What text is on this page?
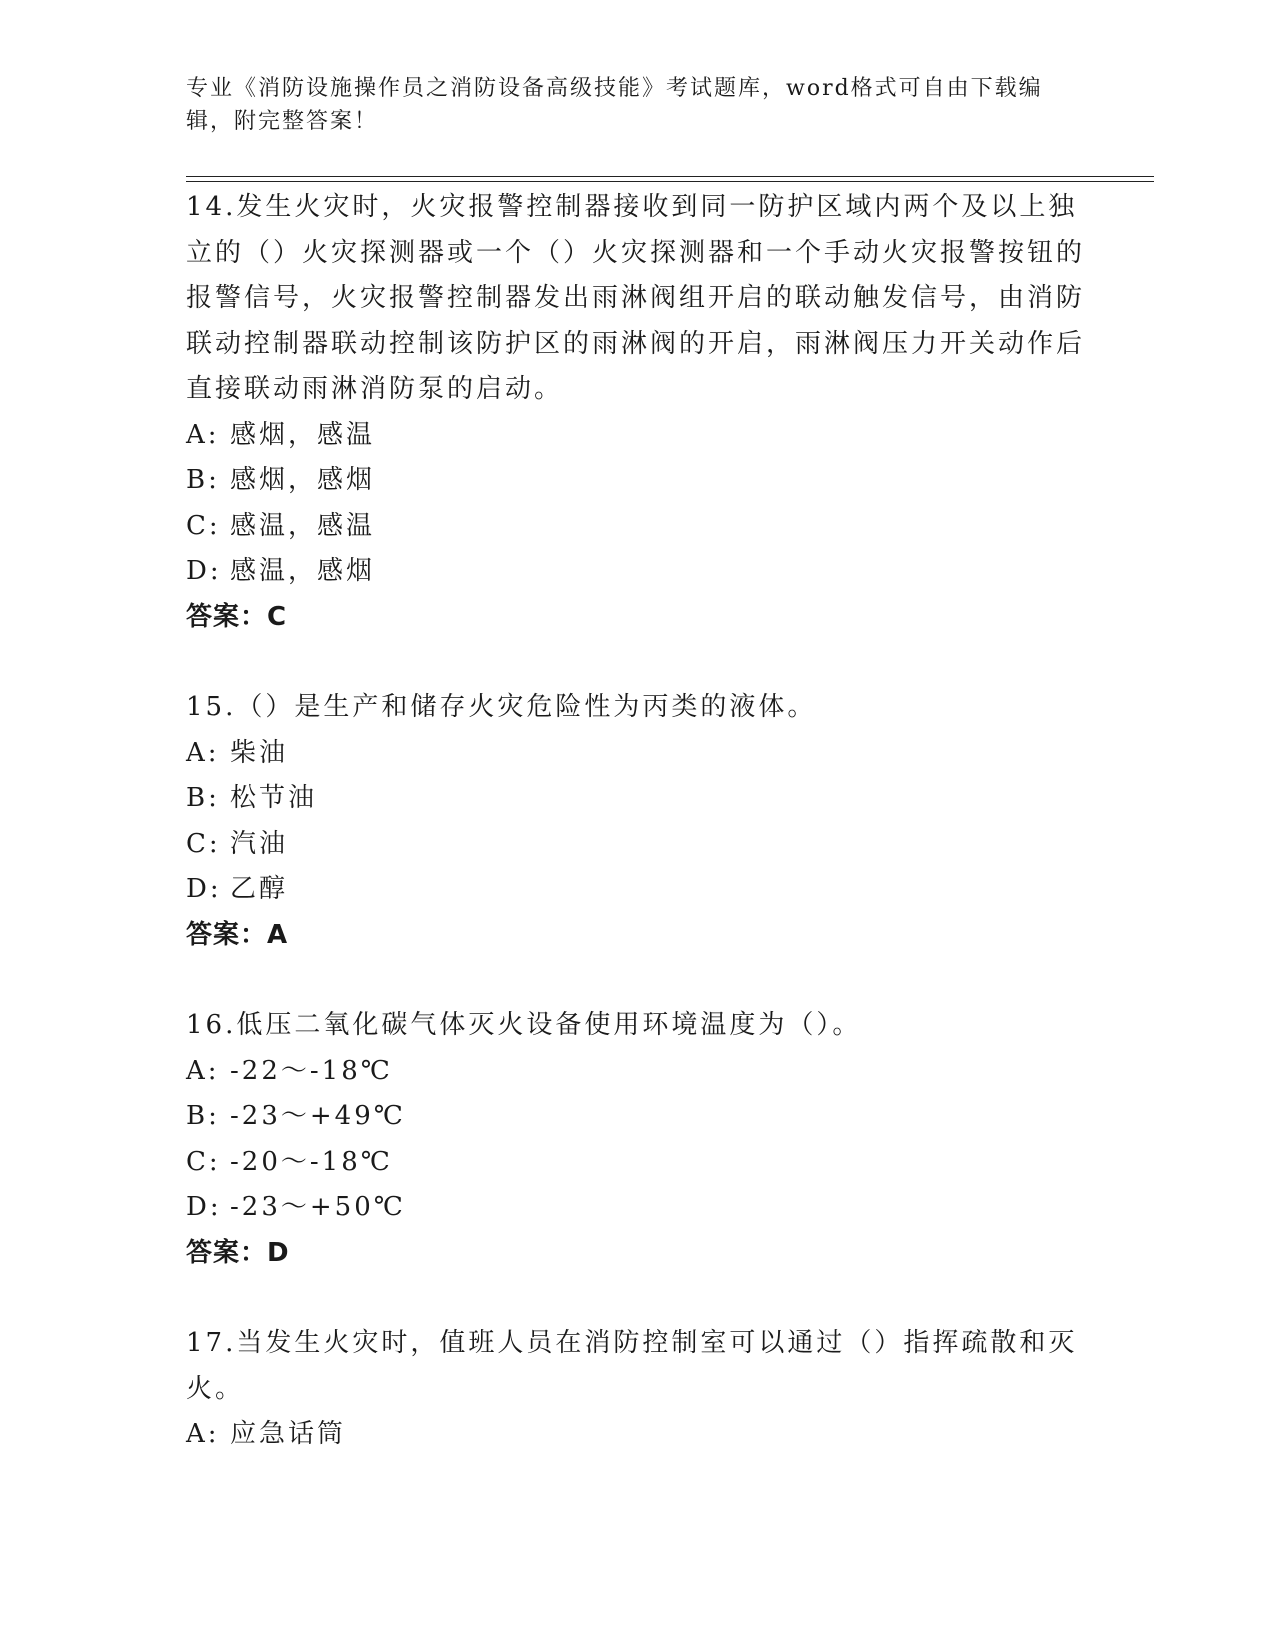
专业《消防设施操作员之消防设备高级技能》考试题库，word格式可自由下载编辑，附完整答案！

14.发生火灾时，火灾报警控制器接收到同一防护区域内两个及以上独立的（）火灾探测器或一个（）火灾探测器和一个手动火灾报警按钮的报警信号，火灾报警控制器发出雨淋阀组开启的联动触发信号，由消防联动控制器联动控制该防护区的雨淋阀的开启，雨淋阀压力开关动作后直接联动雨淋消防泵的启动。

A: 感烟，感温
B: 感烟，感烟
C: 感温，感温
D: 感温，感烟
答案：C

15.（）是生产和储存火灾危险性为丙类的液体。

A: 柴油
B: 松节油
C: 汽油
D: 乙醇
答案：A

16.低压二氧化碳气体灭火设备使用环境温度为（）。

A: -22～-18℃
B: -23～+49℃
C: -20～-18℃
D: -23～+50℃
答案：D

17.当发生火灾时，值班人员在消防控制室可以通过（）指挥疏散和灭火。

A: 应急话筒
